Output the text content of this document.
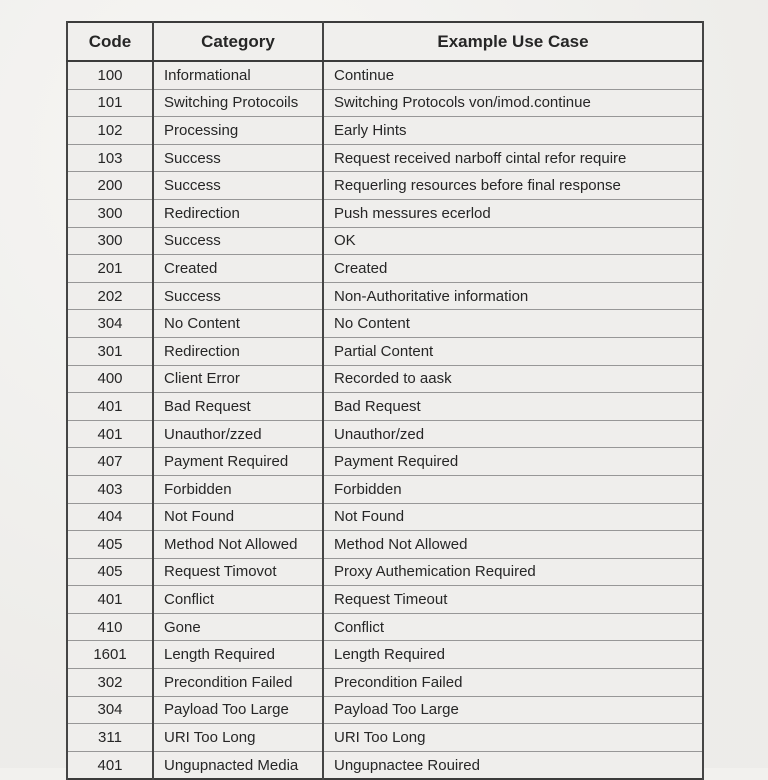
Code	Category	Example Use Case
100	Informational	Continue
101	Switching Protocoils	Switching Protocols von/imod.continue
102	Processing	Early Hints
103	Success	Request received narboff cintal refor require
200	Success	Requerling resources before final response
300	Redirection	Push messures ecerlod
300	Success	OK
201	Created	Created
202	Success	Non-Authoritative information
304	No Content	No Content
301	Redirection	Partial Content
400	Client Error	Recorded to aask
401	Bad Request	Bad Request
401	Unauthor/zzed	Unauthor/zed
407	Payment Required	Payment Required
403	Forbidden	Forbidden
404	Not Found	Not Found
405	Method Not Allowed	Method Not Allowed
405	Request Timovot	Proxy Authemication Required
401	Conflict	Request Timeout
410	Gone	Conflict
1601	Length Required	Length Required
302	Precondition Failed	Precondition Failed
304	Payload Too Large	Payload Too Large
311	URI Too Long	URI Too Long
401	Ungupnacted Media	Ungupnactee Rouired
